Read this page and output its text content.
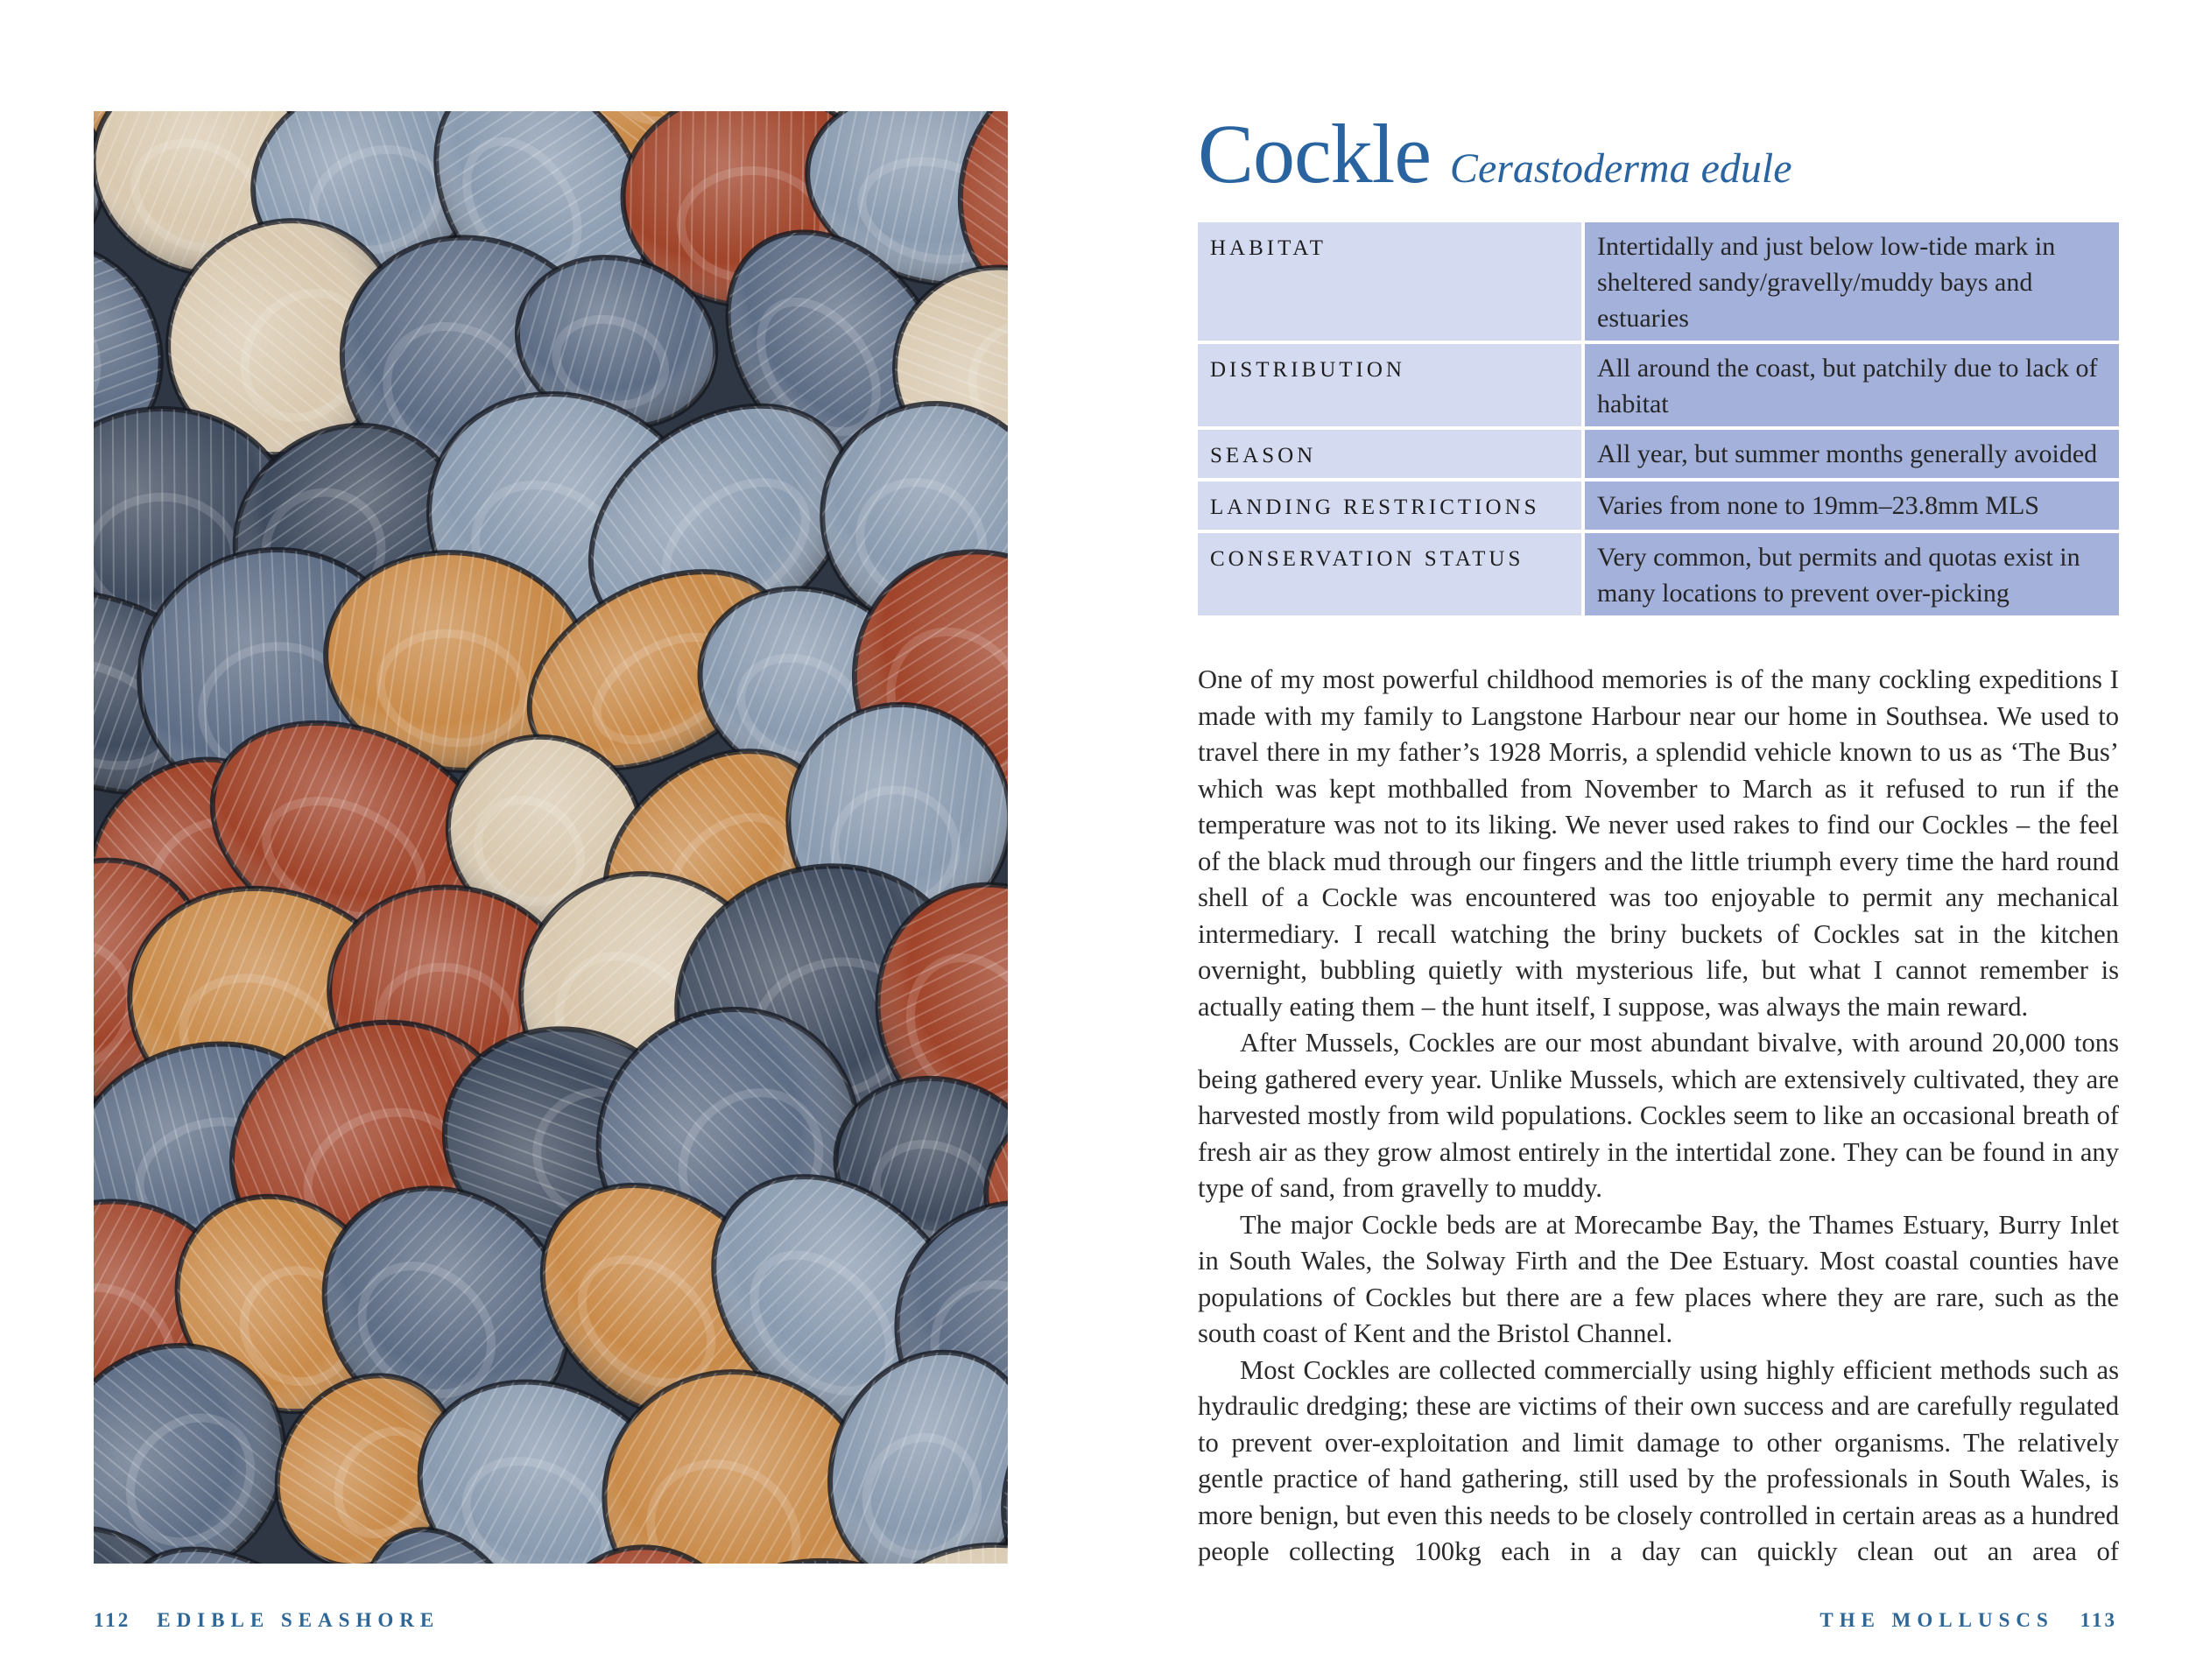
112 EDIBLE SEASHORE
Cockle Cerastoderma edule
HABITAT	Intertidally and just below low-tide mark in sheltered sandy/gravelly/muddy bays and estuaries
DISTRIBUTION	All around the coast, but patchily due to lack of habitat
SEASON	All year, but summer months generally avoided
LANDING RESTRICTIONS	Varies from none to 19mm–23.8mm MLS
CONSERVATION STATUS	Very common, but permits and quotas exist in many locations to prevent over-picking

One of my most powerful childhood memories is of the many cockling expeditions I made with my family to Langstone Harbour near our home in Southsea. We used to travel there in my father’s 1928 Morris, a splendid vehicle known to us as ‘The Bus’ which was kept mothballed from November to March as it refused to run if the temperature was not to its liking. We never used rakes to find our Cockles – the feel of the black mud through our fingers and the little triumph every time the hard round shell of a Cockle was encountered was too enjoyable to permit any mechanical intermediary. I recall watching the briny buckets of Cockles sat in the kitchen overnight, bubbling quietly with mysterious life, but what I cannot remember is actually eating them – the hunt itself, I suppose, was always the main reward.

After Mussels, Cockles are our most abundant bivalve, with around 20,000 tons being gathered every year. Unlike Mussels, which are extensively cultivated, they are harvested mostly from wild populations. Cockles seem to like an occasional breath of fresh air as they grow almost entirely in the intertidal zone. They can be found in any type of sand, from gravelly to muddy.

The major Cockle beds are at Morecambe Bay, the Thames Estuary, Burry Inlet in South Wales, the Solway Firth and the Dee Estuary. Most coastal counties have populations of Cockles but there are a few places where they are rare, such as the south coast of Kent and the Bristol Channel.

Most Cockles are collected commercially using highly efficient methods such as hydraulic dredging; these are victims of their own success and are carefully regulated to prevent over-exploitation and limit damage to other organisms. The relatively gentle practice of hand gathering, still used by the professionals in South Wales, is more benign, but even this needs to be closely controlled in certain areas as a hundred people collecting 100kg each in a day can quickly clean out an area of

THE MOLLUSCS 113
